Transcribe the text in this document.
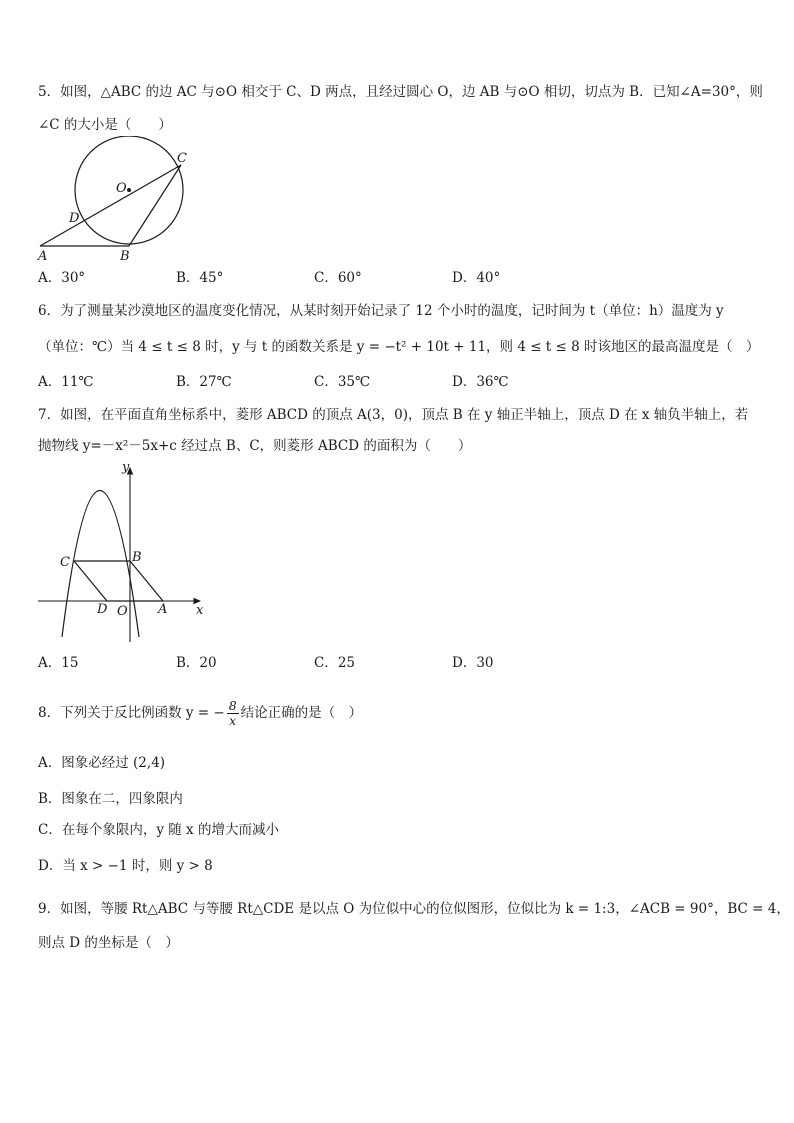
5．如图，△ABC 的边 AC 与⊙O 相交于 C、D 两点，且经过圆心 O，边 AB 与⊙O 相切，切点为 B．已知∠A=30°，则
∠C 的大小是（　　）
O
C
D
A	B
A．30°	B．45°	C．60°	D．40°
6．为了测量某沙漠地区的温度变化情况，从某时刻开始记录了 12 个小时的温度，记时间为 t（单位：h）温度为 y
（单位：℃）当 4 ≤ t ≤ 8 时，y 与 t 的函数关系是 y = −t² + 10t + 11，则 4 ≤ t ≤ 8 时该地区的最高温度是（　）
A．11℃	B．27℃	C．35℃	D．36℃
7．如图，在平面直角坐标系中，菱形 ABCD 的顶点 A(3，0)，顶点 B 在 y 轴正半轴上，顶点 D 在 x 轴负半轴上，若
抛物线 y=－x²－5x+c 经过点 B、C，则菱形 ABCD 的面积为（　　）
y
x
C	B
D O A
A．15	B．20	C．25	D．30
8．下列关于反比例函数 y = − $\frac{8}{x}$ 结论正确的是（　）
A．图象必经过 (2,4)
B．图象在二，四象限内
C．在每个象限内，y 随 x 的增大而减小
D．当 x > −1 时，则 y > 8
9．如图，等腰 Rt△ABC 与等腰 Rt△CDE 是以点 O 为位似中心的位似图形，位似比为 k = 1:3，∠ACB = 90°，BC = 4，
则点 D 的坐标是（　）
